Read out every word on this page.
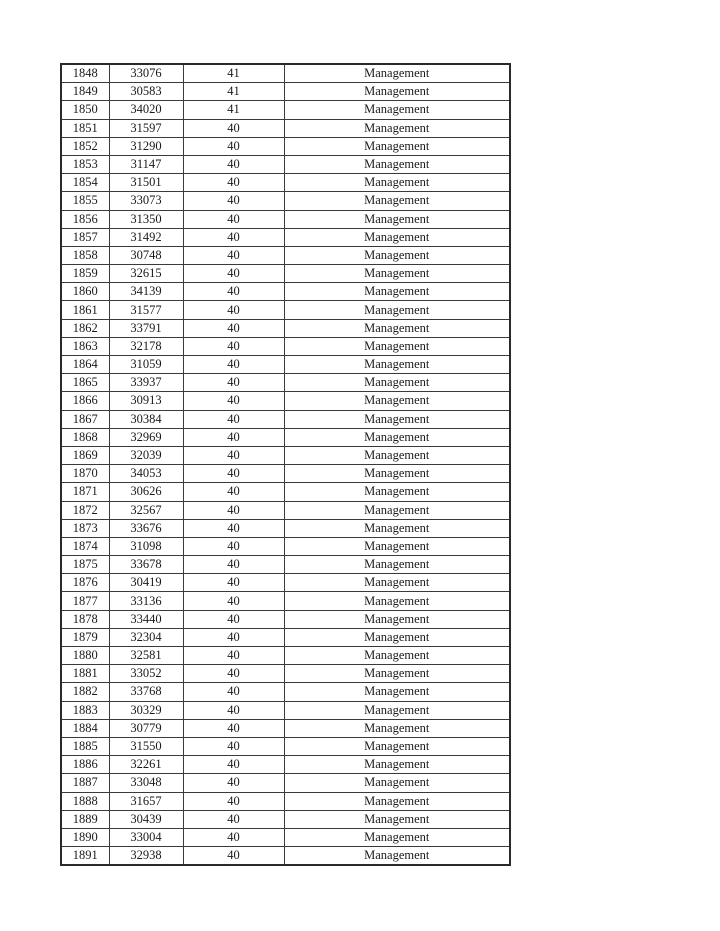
1848	33076	41	Management
1849	30583	41	Management
1850	34020	41	Management
1851	31597	40	Management
1852	31290	40	Management
1853	31147	40	Management
1854	31501	40	Management
1855	33073	40	Management
1856	31350	40	Management
1857	31492	40	Management
1858	30748	40	Management
1859	32615	40	Management
1860	34139	40	Management
1861	31577	40	Management
1862	33791	40	Management
1863	32178	40	Management
1864	31059	40	Management
1865	33937	40	Management
1866	30913	40	Management
1867	30384	40	Management
1868	32969	40	Management
1869	32039	40	Management
1870	34053	40	Management
1871	30626	40	Management
1872	32567	40	Management
1873	33676	40	Management
1874	31098	40	Management
1875	33678	40	Management
1876	30419	40	Management
1877	33136	40	Management
1878	33440	40	Management
1879	32304	40	Management
1880	32581	40	Management
1881	33052	40	Management
1882	33768	40	Management
1883	30329	40	Management
1884	30779	40	Management
1885	31550	40	Management
1886	32261	40	Management
1887	33048	40	Management
1888	31657	40	Management
1889	30439	40	Management
1890	33004	40	Management
1891	32938	40	Management
